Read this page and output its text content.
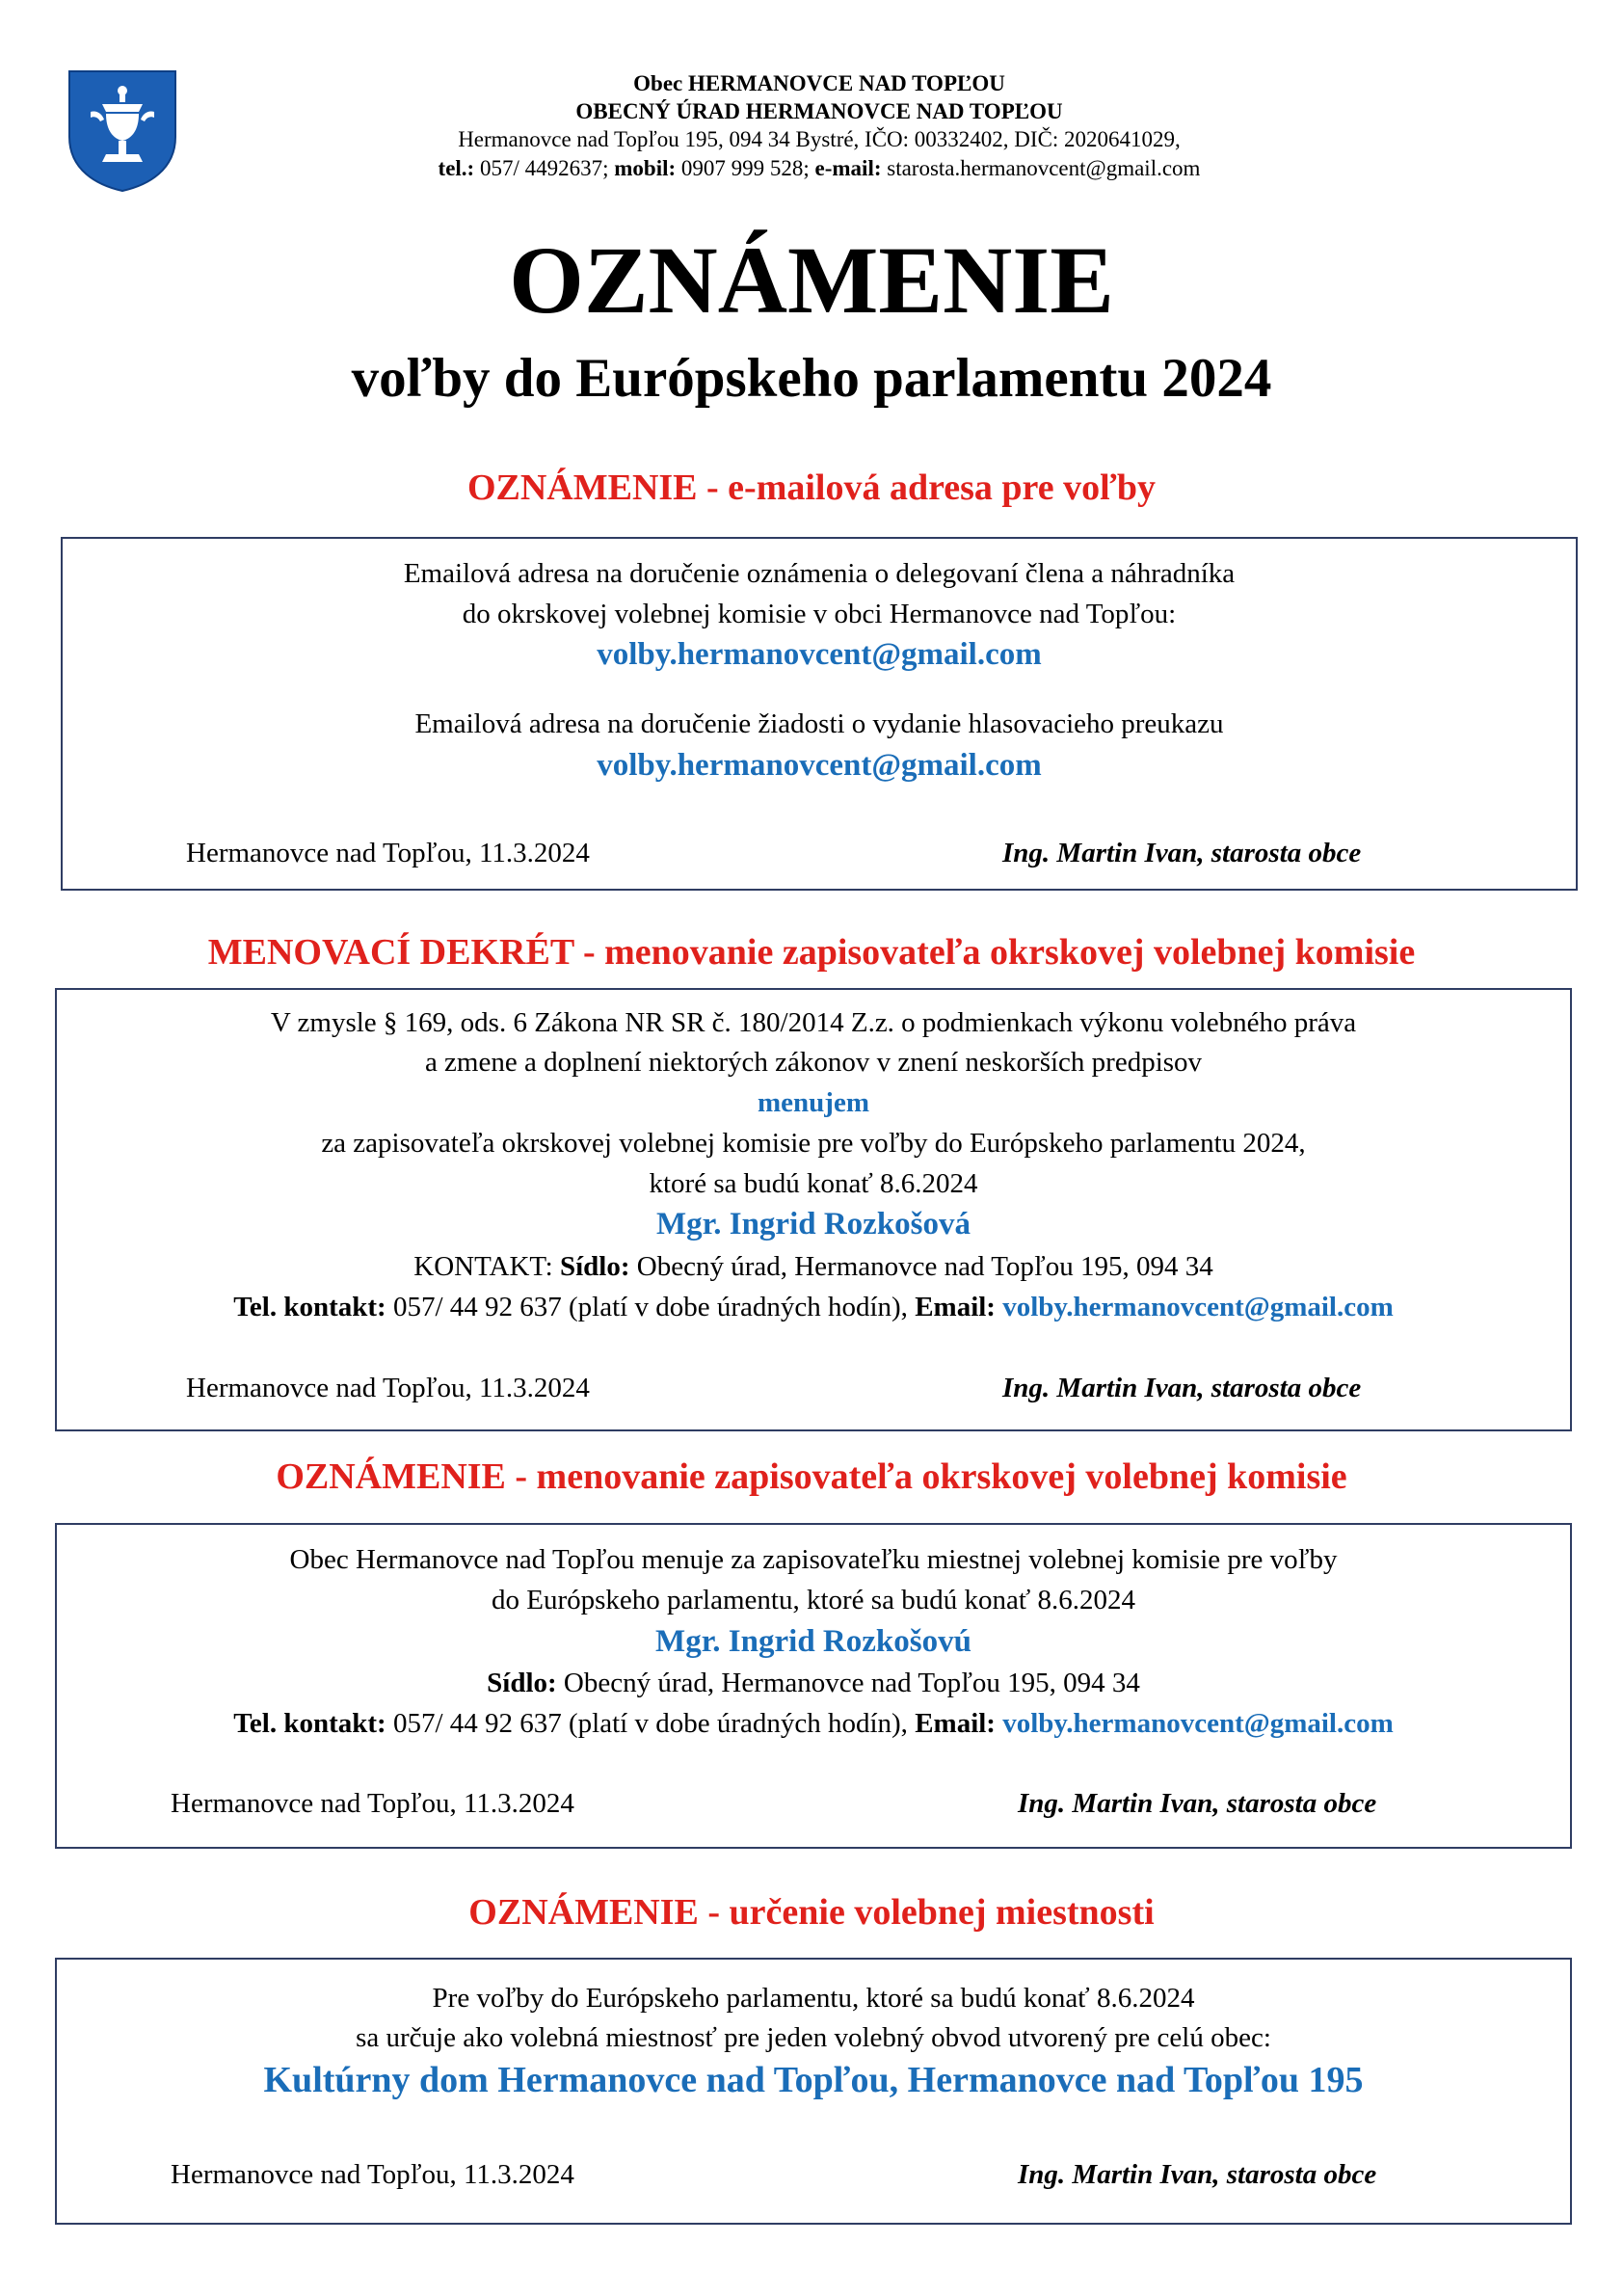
Obec HERMANOVCE NAD TOPĽOU
OBECNÝ ÚRAD HERMANOVCE NAD TOPĽOU
Hermanovce nad Topľou 195, 094 34 Bystré, IČO: 00332402, DIČ: 2020641029,
tel.: 057/ 4492637; mobil: 0907 999 528; e-mail: starosta.hermanovcent@gmail.com
OZNÁMENIE
voľby do Európskeho parlamentu 2024
OZNÁMENIE - e-mailová adresa pre voľby
Emailová adresa na doručenie oznámenia o delegovaní člena a náhradníka
do okrskovej volebnej komisie v obci Hermanovce nad Topľou:
volby.hermanovcent@gmail.com
Emailová adresa na doručenie žiadosti o vydanie hlasovacieho preukazu
volby.hermanovcent@gmail.com
Hermanovce nad Topľou, 11.3.2024	Ing. Martin Ivan, starosta obce
MENOVACÍ DEKRÉT - menovanie zapisovateľa okrskovej volebnej komisie
V zmysle § 169, ods. 6 Zákona NR SR č. 180/2014 Z.z. o podmienkach výkonu volebného práva
a zmene a doplnení niektorých zákonov v znení neskorších predpisov
menujem
za zapisovateľa okrskovej volebnej komisie pre voľby do Európskeho parlamentu 2024,
ktoré sa budú konať 8.6.2024
Mgr. Ingrid Rozkošová
KONTAKT: Sídlo: Obecný úrad, Hermanovce nad Topľou 195, 094 34
Tel. kontakt: 057/ 44 92 637 (platí v dobe úradných hodín), Email: volby.hermanovcent@gmail.com
Hermanovce nad Topľou, 11.3.2024	Ing. Martin Ivan, starosta obce
OZNÁMENIE - menovanie zapisovateľa okrskovej volebnej komisie
Obec Hermanovce nad Topľou menuje za zapisovateľku miestnej volebnej komisie pre voľby
do Európskeho parlamentu, ktoré sa budú konať 8.6.2024
Mgr. Ingrid Rozkošovú
Sídlo: Obecný úrad, Hermanovce nad Topľou 195, 094 34
Tel. kontakt: 057/ 44 92 637 (platí v dobe úradných hodín), Email: volby.hermanovcent@gmail.com
Hermanovce nad Topľou, 11.3.2024	Ing. Martin Ivan, starosta obce
OZNÁMENIE - určenie volebnej miestnosti
Pre voľby do Európskeho parlamentu, ktoré sa budú konať 8.6.2024
sa určuje ako volebná miestnosť pre jeden volebný obvod utvorený pre celú obec:
Kultúrny dom Hermanovce nad Topľou, Hermanovce nad Topľou 195
Hermanovce nad Topľou, 11.3.2024	Ing. Martin Ivan, starosta obce
